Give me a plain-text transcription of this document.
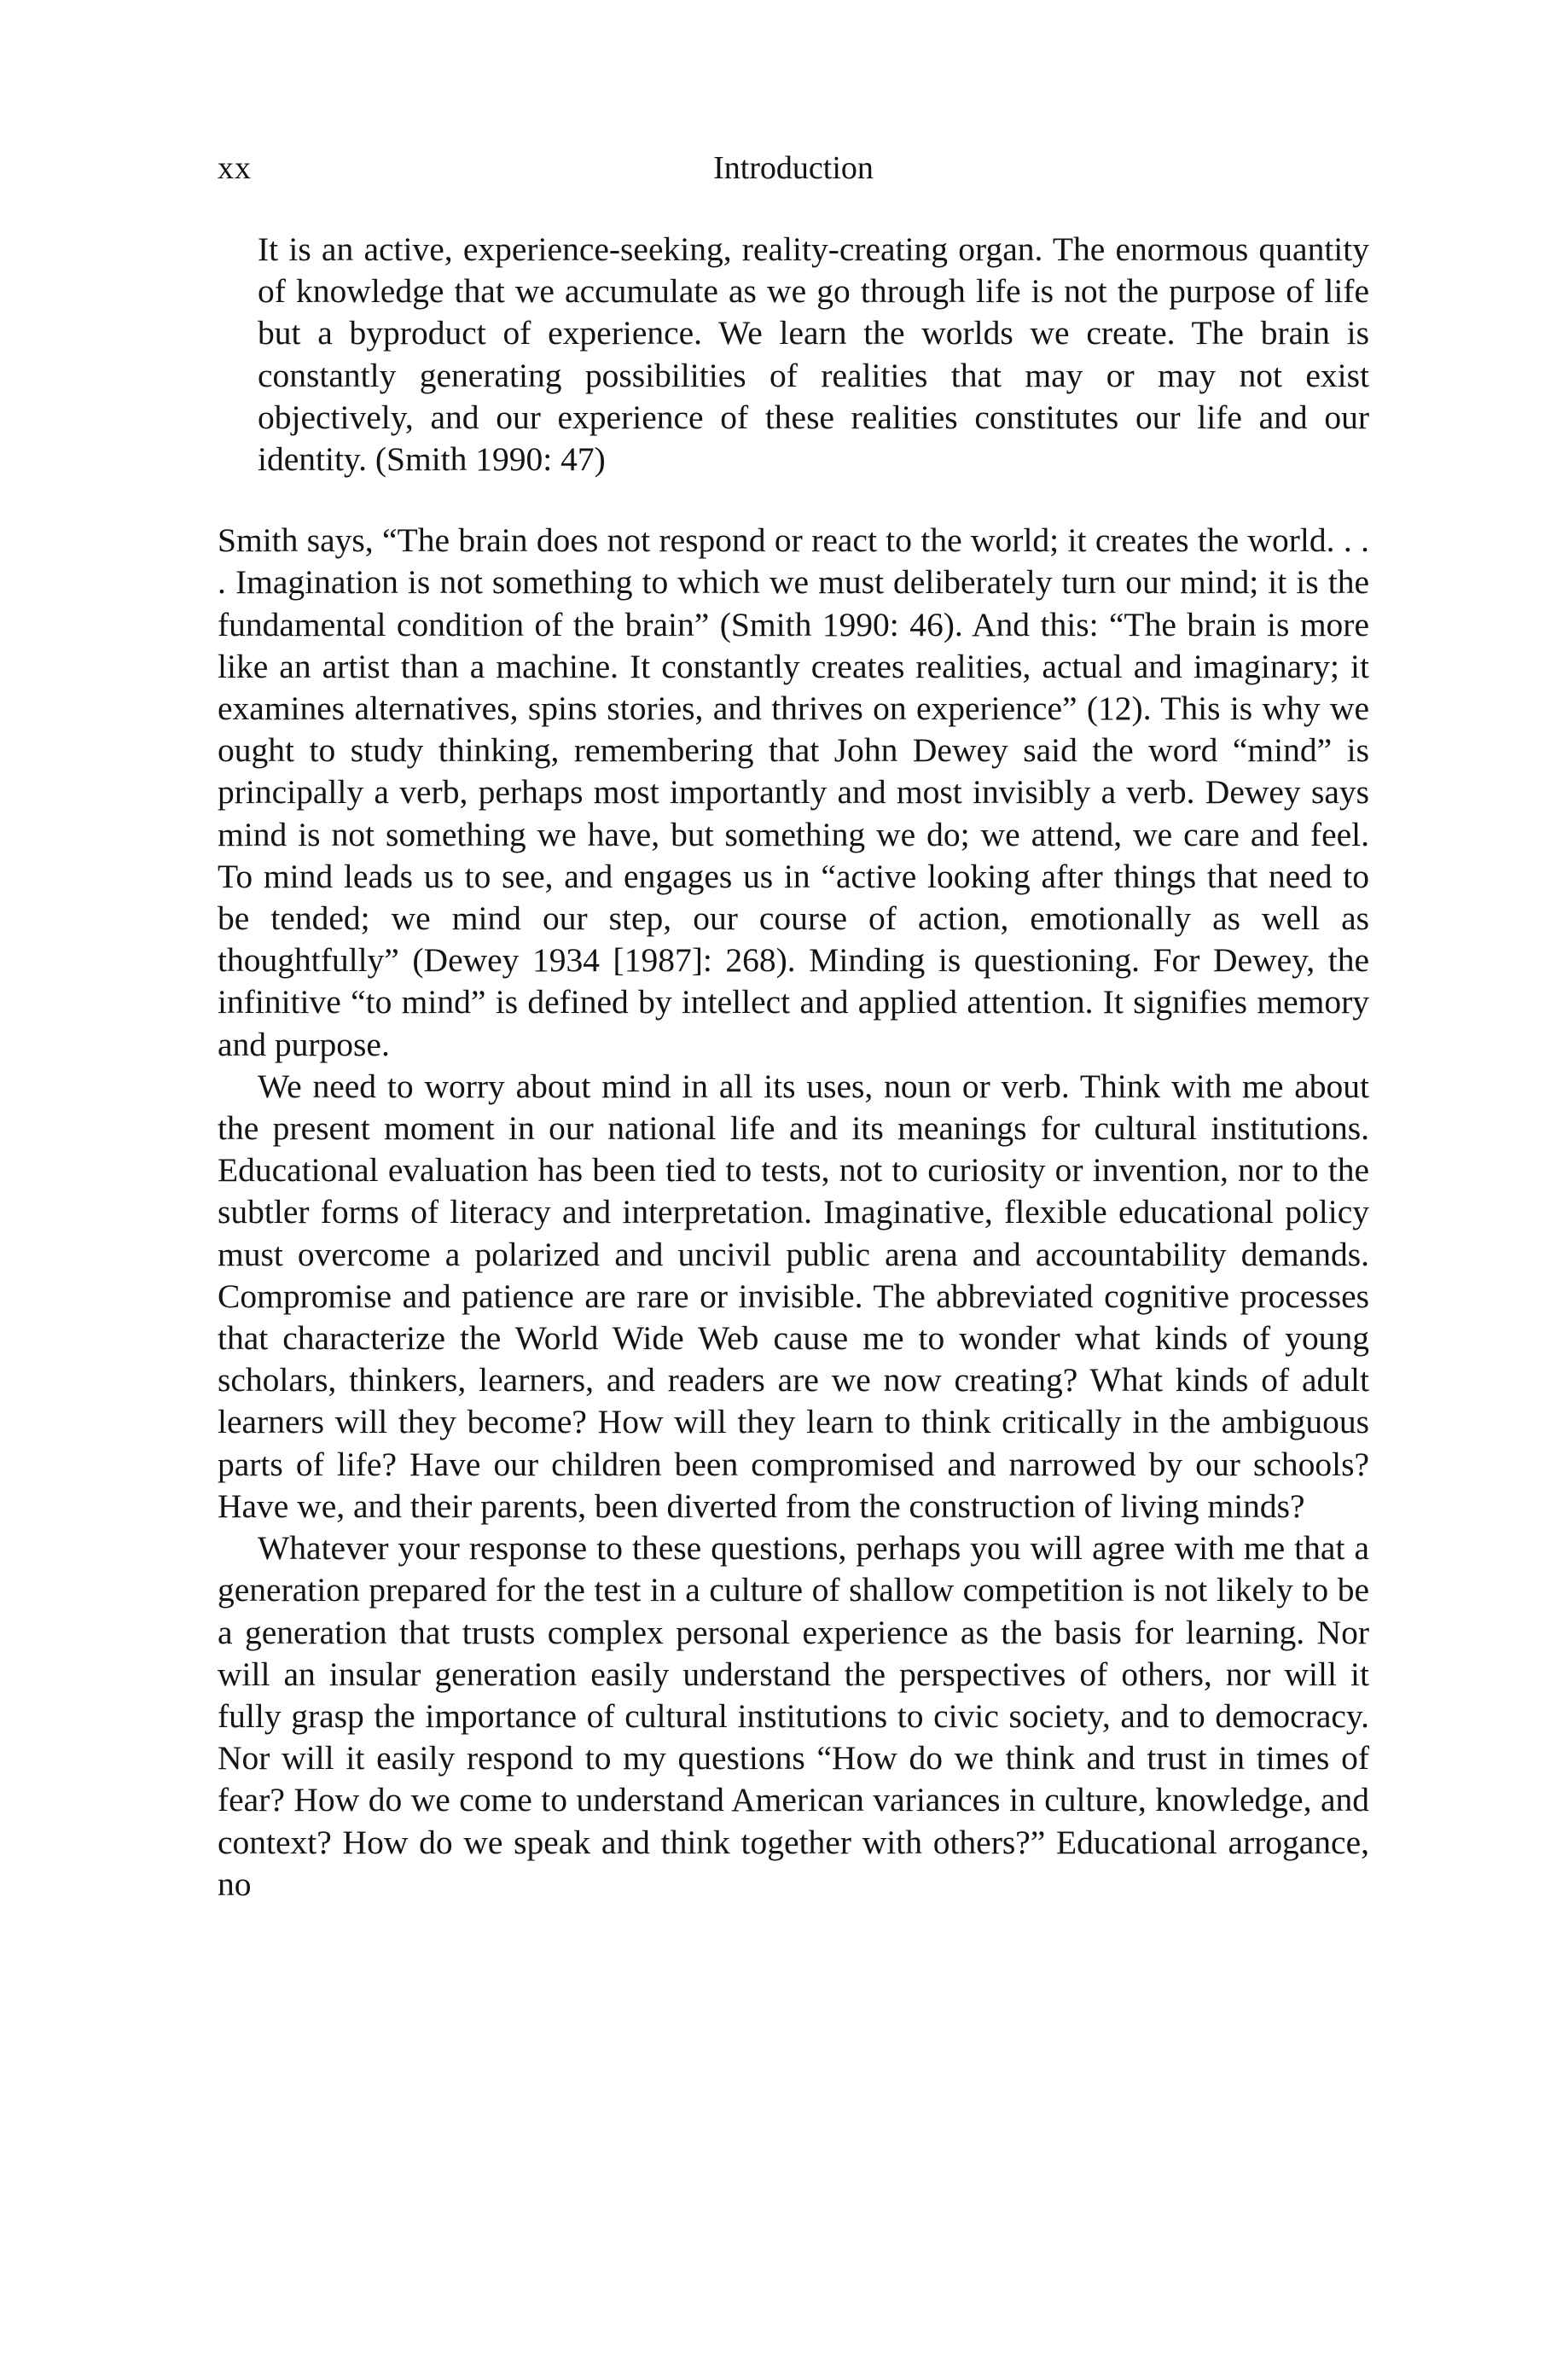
xx	Introduction

It is an active, experience-seeking, reality-creating organ. The enormous quantity of knowledge that we accumulate as we go through life is not the purpose of life but a byproduct of experience. We learn the worlds we create. The brain is constantly generating possibilities of realities that may or may not exist objectively, and our experience of these realities constitutes our life and our identity. (Smith 1990: 47)

Smith says, “The brain does not respond or react to the world; it creates the world. . . . Imagination is not something to which we must deliberately turn our mind; it is the fundamental condition of the brain” (Smith 1990: 46). And this: “The brain is more like an artist than a machine. It constantly creates realities, actual and imaginary; it examines alternatives, spins stories, and thrives on experience” (12). This is why we ought to study thinking, remembering that John Dewey said the word “mind” is principally a verb, perhaps most importantly and most invisibly a verb. Dewey says mind is not something we have, but something we do; we attend, we care and feel. To mind leads us to see, and engages us in “active looking after things that need to be tended; we mind our step, our course of action, emotionally as well as thoughtfully” (Dewey 1934 [1987]: 268). Minding is questioning. For Dewey, the infinitive “to mind” is defined by intellect and applied attention. It signifies memory and purpose.

We need to worry about mind in all its uses, noun or verb. Think with me about the present moment in our national life and its meanings for cultural institutions. Educational evaluation has been tied to tests, not to curiosity or invention, nor to the subtler forms of literacy and interpretation. Imaginative, flexible educational policy must overcome a polarized and uncivil public arena and accountability demands. Compromise and patience are rare or invisible. The abbreviated cognitive processes that characterize the World Wide Web cause me to wonder what kinds of young scholars, thinkers, learners, and readers are we now creating? What kinds of adult learners will they become? How will they learn to think critically in the ambiguous parts of life? Have our children been compromised and narrowed by our schools? Have we, and their parents, been diverted from the construction of living minds?

Whatever your response to these questions, perhaps you will agree with me that a generation prepared for the test in a culture of shallow competition is not likely to be a generation that trusts complex personal experience as the basis for learning. Nor will an insular generation easily understand the perspectives of others, nor will it fully grasp the importance of cultural institutions to civic society, and to democracy. Nor will it easily respond to my questions “How do we think and trust in times of fear? How do we come to understand American variances in culture, knowledge, and context? How do we speak and think together with others?” Educational arrogance, no
